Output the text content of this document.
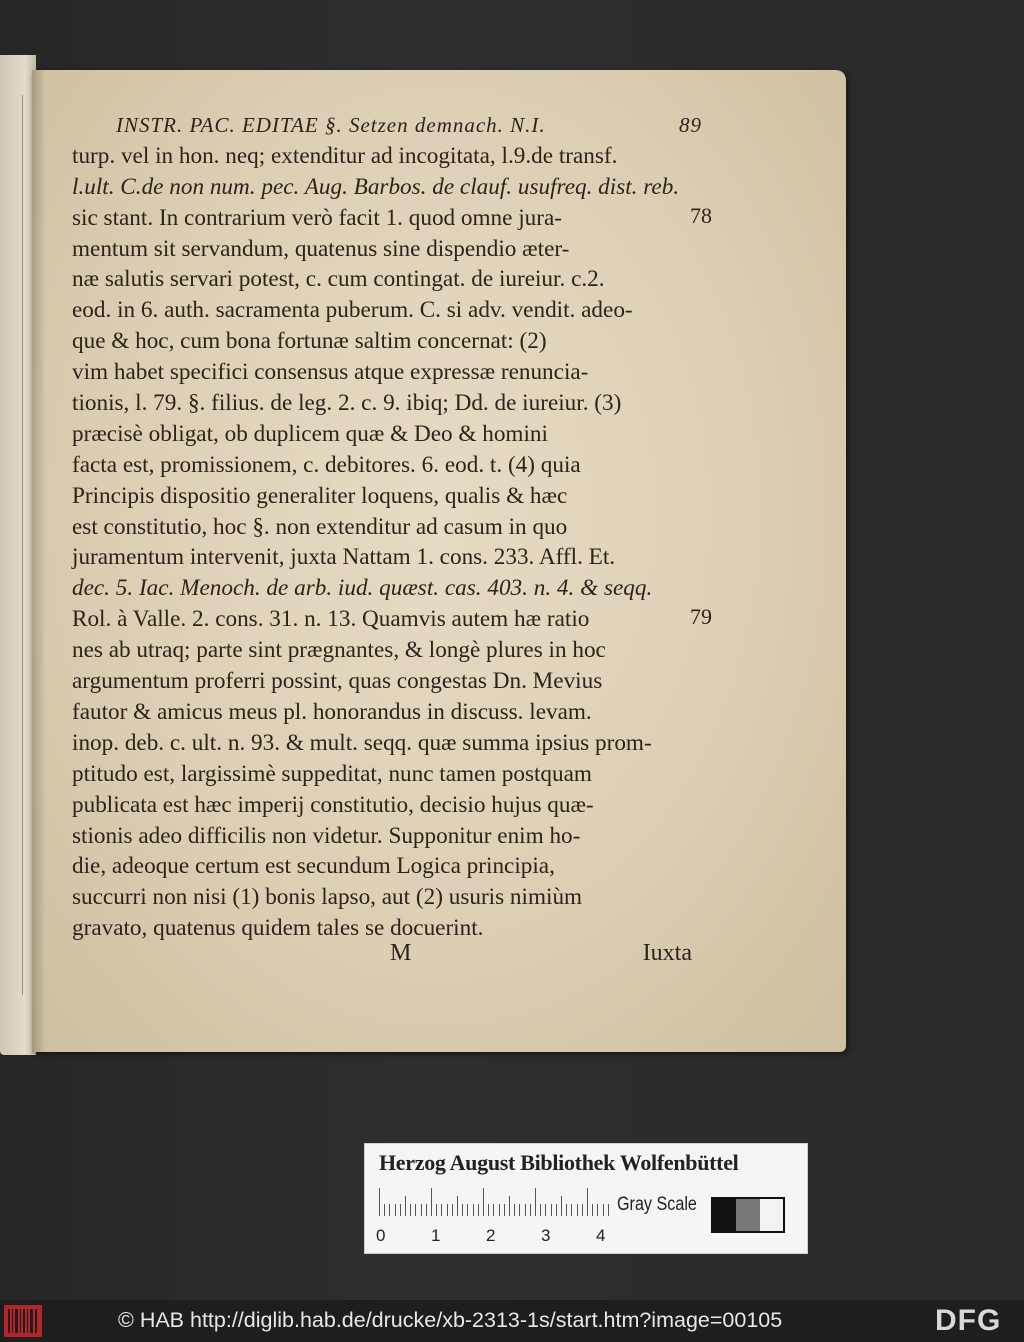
INSTR. PAC. EDITAE §. Setzen demnach. N.I.	89
turp. vel in hon. neq; extenditur ad incogitata, l.9.de transf.
l.ult. C.de non num. pec. Aug. Barbos. de clauf. usufreq. dist. reb.
sic stant. In contrarium verò facit 1. quod omne jura-
mentum sit servandum, quatenus sine dispendio æter-
næ salutis servari potest, c. cum contingat. de iureiur. c.2.
eod. in 6. auth. sacramenta puberum. C. si adv. vendit. adeo-
que & hoc, cum bona fortunæ saltim concernat: (2)
vim habet specifici consensus atque expressæ renuncia-
tionis, l. 79. §. filius. de leg. 2. c. 9. ibiq; Dd. de iureiur. (3)
præcisè obligat, ob duplicem quæ & Deo & homini
facta est, promissionem, c. debitores. 6. eod. t. (4) quia
Principis dispositio generaliter loquens, qualis & hæc
est constitutio, hoc §. non extenditur ad casum in quo
juramentum intervenit, juxta Nattam 1. cons. 233. Affl. Et.
dec. 5. Iac. Menoch. de arb. iud. quæst. cas. 403. n. 4. & seqq.
Rol. à Valle. 2. cons. 31. n. 13. Quamvis autem hæ ratio
nes ab utraq; parte sint prægnantes, & longè plures in hoc
argumentum proferri possint, quas congestas Dn. Mevius
fautor & amicus meus pl. honorandus in discuss. levam.
inop. deb. c. ult. n. 93. & mult. seqq. quæ summa ipsius prom-
ptitudo est, largissimè suppeditat, nunc tamen postquam
publicata est hæc imperij constitutio, decisio hujus quæ-
stionis adeo difficilis non videtur. Supponitur enim ho-
die, adeoque certum est secundum Logica principia,
succurri non nisi (1) bonis lapso, aut (2) usuris nimiùm
gravato, quatenus quidem tales se docuerint.
78
79
M	Iuxta
Herzog August Bibliothek Wolfenbüttel
0	1	2	3	4
Gray Scale
© HAB http://diglib.hab.de/drucke/xb-2313-1s/start.htm?image=00105	DFG
